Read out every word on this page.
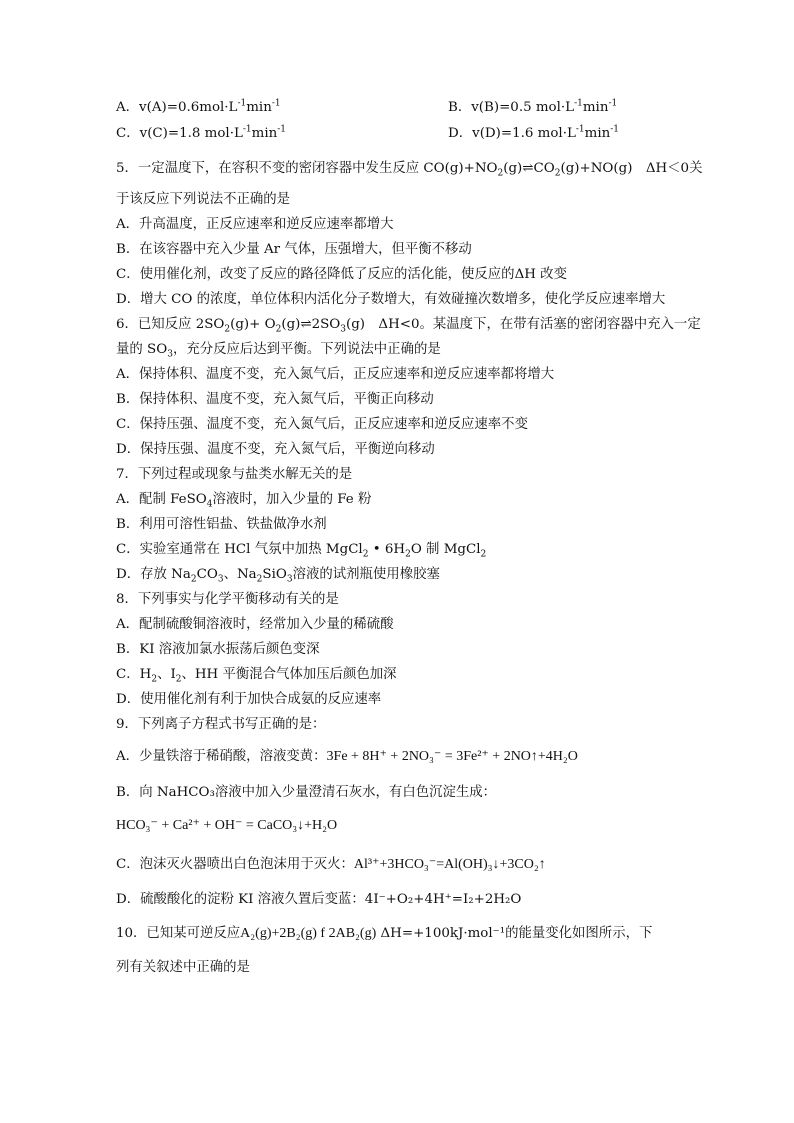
A．$v(A)=0.6mol\cdot L^{-1}\min^{-1}$	B．v(B)=0.5 $mol\cdot L^{-1}\min^{-1}$
C．v(C)=1.8 $mol\cdot L^{-1}\min^{-1}$	D．v(D)=1.6 $mol\cdot L^{-1}\min^{-1}$
5．一定温度下，在容积不变的密闭容器中发生反应 $CO(g)+NO_2(g)\rightleftharpoons CO_2(g)+NO(g)$　ΔH＜0关
于该反应下列说法不正确的是
A．升高温度，正反应速率和逆反应速率都增大
B．在该容器中充入少量 Ar 气体，压强增大，但平衡不移动
C．使用催化剂，改变了反应的路径降低了反应的活化能，使反应的ΔH 改变
D．增大 CO 的浓度，单位体积内活化分子数增大，有效碰撞次数增多，使化学反应速率增大
6．已知反应 $2SO_2(g)+$ $O_2(g)\rightleftharpoons 2SO_3(g)$　ΔH<0。某温度下，在带有活塞的密闭容器中充入一定
量的 $SO_3$，充分反应后达到平衡。下列说法中正确的是
A．保持体积、温度不变，充入氮气后，正反应速率和逆反应速率都将增大
B．保持体积、温度不变，充入氮气后，平衡正向移动
C．保持压强、温度不变，充入氮气后，正反应速率和逆反应速率不变
D．保持压强、温度不变，充入氮气后，平衡逆向移动
7．下列过程或现象与盐类水解无关的是
A．配制 FeSO$_4$溶液时，加入少量的 Fe 粉
B．利用可溶性铝盐、铁盐做净水剂
C．实验室通常在 HCl 气氛中加热 MgCl$_2$ • $6H_2O$ 制 MgCl$_2$
D．存放 $Na_2CO_3$、$Na_2SiO_3$溶液的试剂瓶使用橡胶塞
8．下列事实与化学平衡移动有关的是
A．配制硫酸铜溶液时，经常加入少量的稀硫酸
B．KI 溶液加氯水振荡后颜色变深
C．$H_2$、$I_2$、HH 平衡混合气体加压后颜色加深
D．使用催化剂有利于加快合成氨的反应速率
9．下列离子方程式书写正确的是：
A．少量铁溶于稀硝酸，溶液变黄：3Fe + 8H⁺ + 2NO₃⁻ = 3Fe²⁺ + 2NO↑+4H₂O
B．向 NaHCO₃溶液中加入少量澄清石灰水，有白色沉淀生成：
HCO₃⁻ + Ca²⁺ + OH⁻ = CaCO₃↓+H₂O
C．泡沫灭火器喷出白色泡沫用于灭火：Al³⁺+3HCO₃⁻=Al(OH)₃↓+3CO₂↑
D．硫酸酸化的淀粉 KI 溶液久置后变蓝：4I⁻+O₂+4H⁺=I₂+2H₂O
10．已知某可逆反应A₂(g)+2B₂(g) f 2AB₂(g) ΔH=+100kJ·mol⁻¹的能量变化如图所示，下
列有关叙述中正确的是
